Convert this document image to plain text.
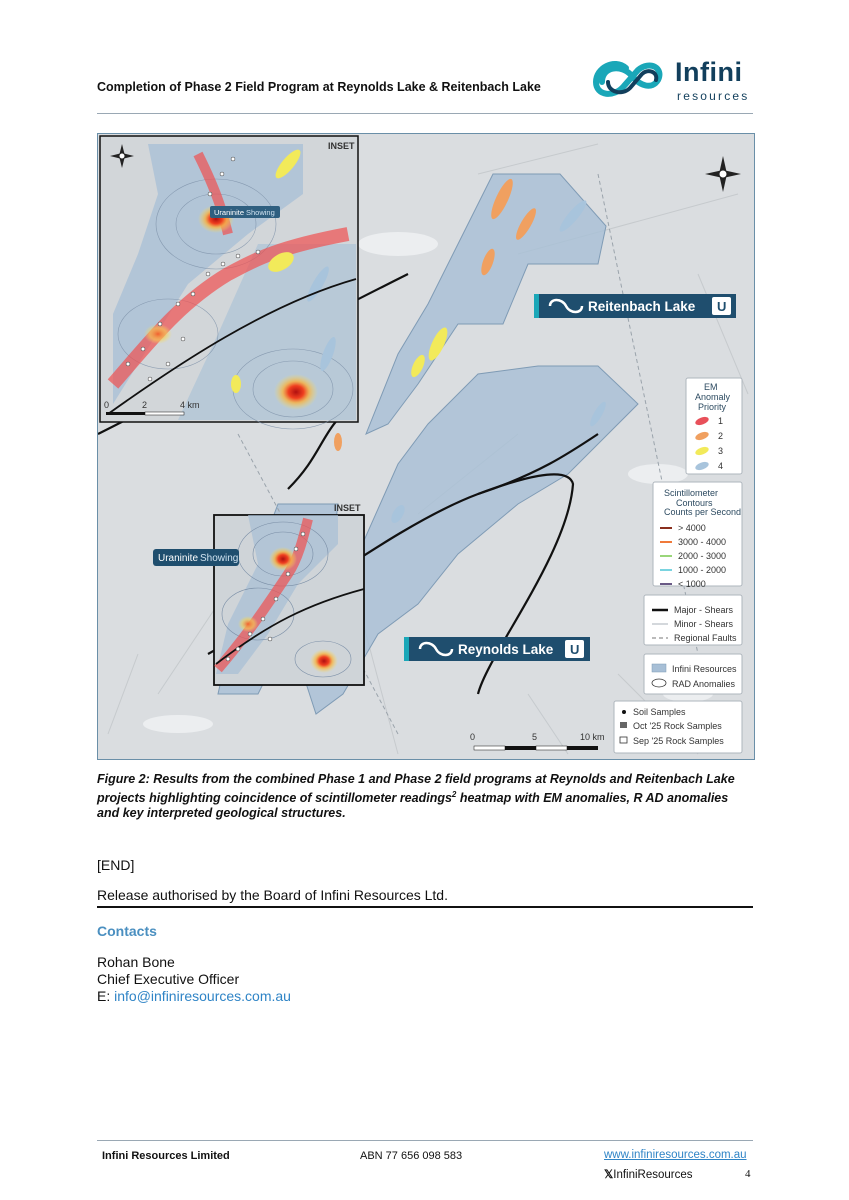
Completion of Phase 2 Field Program at Reynolds Lake & Reitenbach Lake	Infini
resources
INSET
Uraninite Showing
0	2	4 km
Reitenbach Lake U
INSET
Uraninite Showing
Reynolds Lake U
0	5	10 km
EM
Anomaly
Priority
1
2
3
4
Scintillometer
Contours
Counts per Second
> 4000
3000 - 4000
2000 - 3000
1000 - 2000
< 1000
Major - Shears
Minor - Shears
Regional Faults
Infini Resources
RAD Anomalies
Soil Samples
Oct '25 Rock Samples
Sep '25 Rock Samples
Figure 2: Results from the combined Phase 1 and Phase 2 field programs at Reynolds and Reitenbach Lake projects highlighting coincidence of scintillometer readings$^2$ heatmap with EM anomalies, R AD anomalies and key interpreted geological structures.
[END]
Release authorised by the Board of Infini Resources Ltd.
Contacts
Rohan Bone
Chief Executive Officer
E: info@infiniresources.com.au
Infini Resources Limited	ABN 77 656 098 583	www.infiniresources.com.au
𝕏InfiniResources	4
